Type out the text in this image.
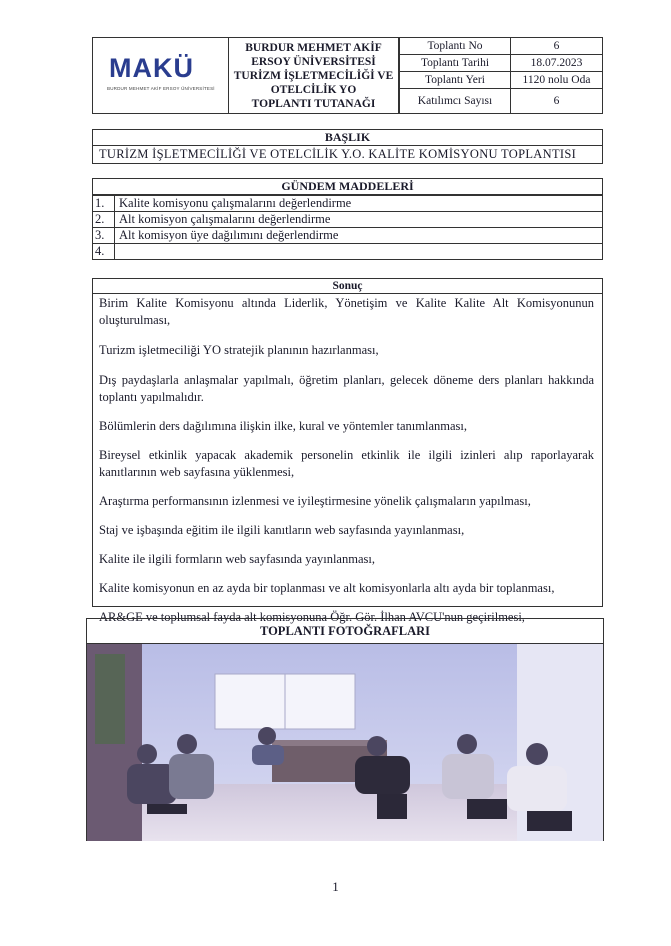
MAKÜ
BURDUR MEHMET AKİF ERSOY ÜNİVERSİTESİ
BURDUR MEHMET AKİF
ERSOY ÜNİVERSİTESİ
TURİZM İŞLETMECİLİĞİ VE
OTELCİLİK YO
TOPLANTI TUTANAĞI
Toplantı No	6
Toplantı Tarihi	18.07.2023
Toplantı Yeri	1120 nolu Oda
Katılımcı Sayısı	6
BAŞLIK
TURİZM İŞLETMECİLİĞİ VE OTELCİLİK Y.O. KALİTE KOMİSYONU TOPLANTISI
GÜNDEM MADDELERİ
1.	Kalite komisyonu çalışmalarını değerlendirme
2.	Alt komisyon çalışmalarını değerlendirme
3.	Alt komisyon üye dağılımını değerlendirme
4.	
Sonuç

Birim Kalite Komisyonu altında Liderlik, Yönetişim ve Kalite Kalite Alt Komisyonunun oluşturulması,

Turizm işletmeciliği YO stratejik planının hazırlanması,

Dış paydaşlarla anlaşmalar yapılmalı, öğretim planları, gelecek döneme ders planları hakkında toplantı yapılmalıdır.

Bölümlerin ders dağılımına ilişkin ilke, kural ve yöntemler tanımlanması,

Bireysel etkinlik yapacak akademik personelin etkinlik ile ilgili izinleri alıp raporlayarak kanıtlarının web sayfasına yüklenmesi,

Araştırma performansının izlenmesi ve iyileştirmesine yönelik çalışmaların yapılması,

Staj ve işbaşında eğitim ile ilgili kanıtların web sayfasında yayınlanması,

Kalite ile ilgili formların web sayfasında yayınlanması,

Kalite komisyonun en az ayda bir toplanması ve alt komisyonlarla altı ayda bir toplanması,

AR&GE ve toplumsal fayda alt komisyonuna Öğr. Gör. İlhan AVCU'nun geçirilmesi,

TOPLANTI FOTOĞRAFLARI
1
